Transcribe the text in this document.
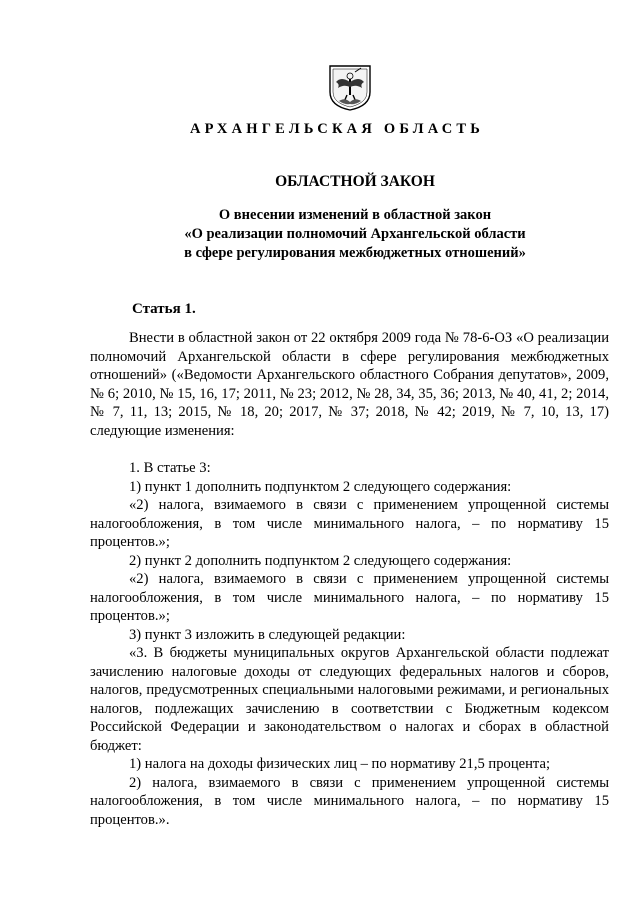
АРХАНГЕЛЬСКАЯ ОБЛАСТЬ
ОБЛАСТНОЙ ЗАКОН
О внесении изменений в областной закон
«О реализации полномочий Архангельской области
в сфере регулирования межбюджетных отношений»
Статья 1.

Внести в областной закон от 22 октября 2009 года № 78-6-ОЗ «О реализации полномочий Архангельской области в сфере регулирования межбюджетных отношений» («Ведомости Архангельского областного Собрания депутатов», 2009, № 6; 2010, № 15, 16, 17; 2011, № 23; 2012, № 28, 34, 35, 36; 2013, № 40, 41, 2; 2014, № 7, 11, 13; 2015, № 18, 20; 2017, № 37; 2018, № 42; 2019, № 7, 10, 13, 17) следующие изменения:

1. В статье 3:

1) пункт 1 дополнить подпунктом 2 следующего содержания:

«2) налога, взимаемого в связи с применением упрощенной системы налогообложения, в том числе минимального налога, – по нормативу 15 процентов.»;

2) пункт 2 дополнить подпунктом 2 следующего содержания:

«2) налога, взимаемого в связи с применением упрощенной системы налогообложения, в том числе минимального налога, – по нормативу 15 процентов.»;

3) пункт 3 изложить в следующей редакции:

«3. В бюджеты муниципальных округов Архангельской области подлежат зачислению налоговые доходы от следующих федеральных налогов и сборов, налогов, предусмотренных специальными налоговыми режимами, и региональных налогов, подлежащих зачислению в соответствии с Бюджетным кодексом Российской Федерации и законодательством о налогах и сборах в областной бюджет:

1) налога на доходы физических лиц – по нормативу 21,5 процента;

2) налога, взимаемого в связи с применением упрощенной системы налогообложения, в том числе минимального налога, – по нормативу 15 процентов.».
